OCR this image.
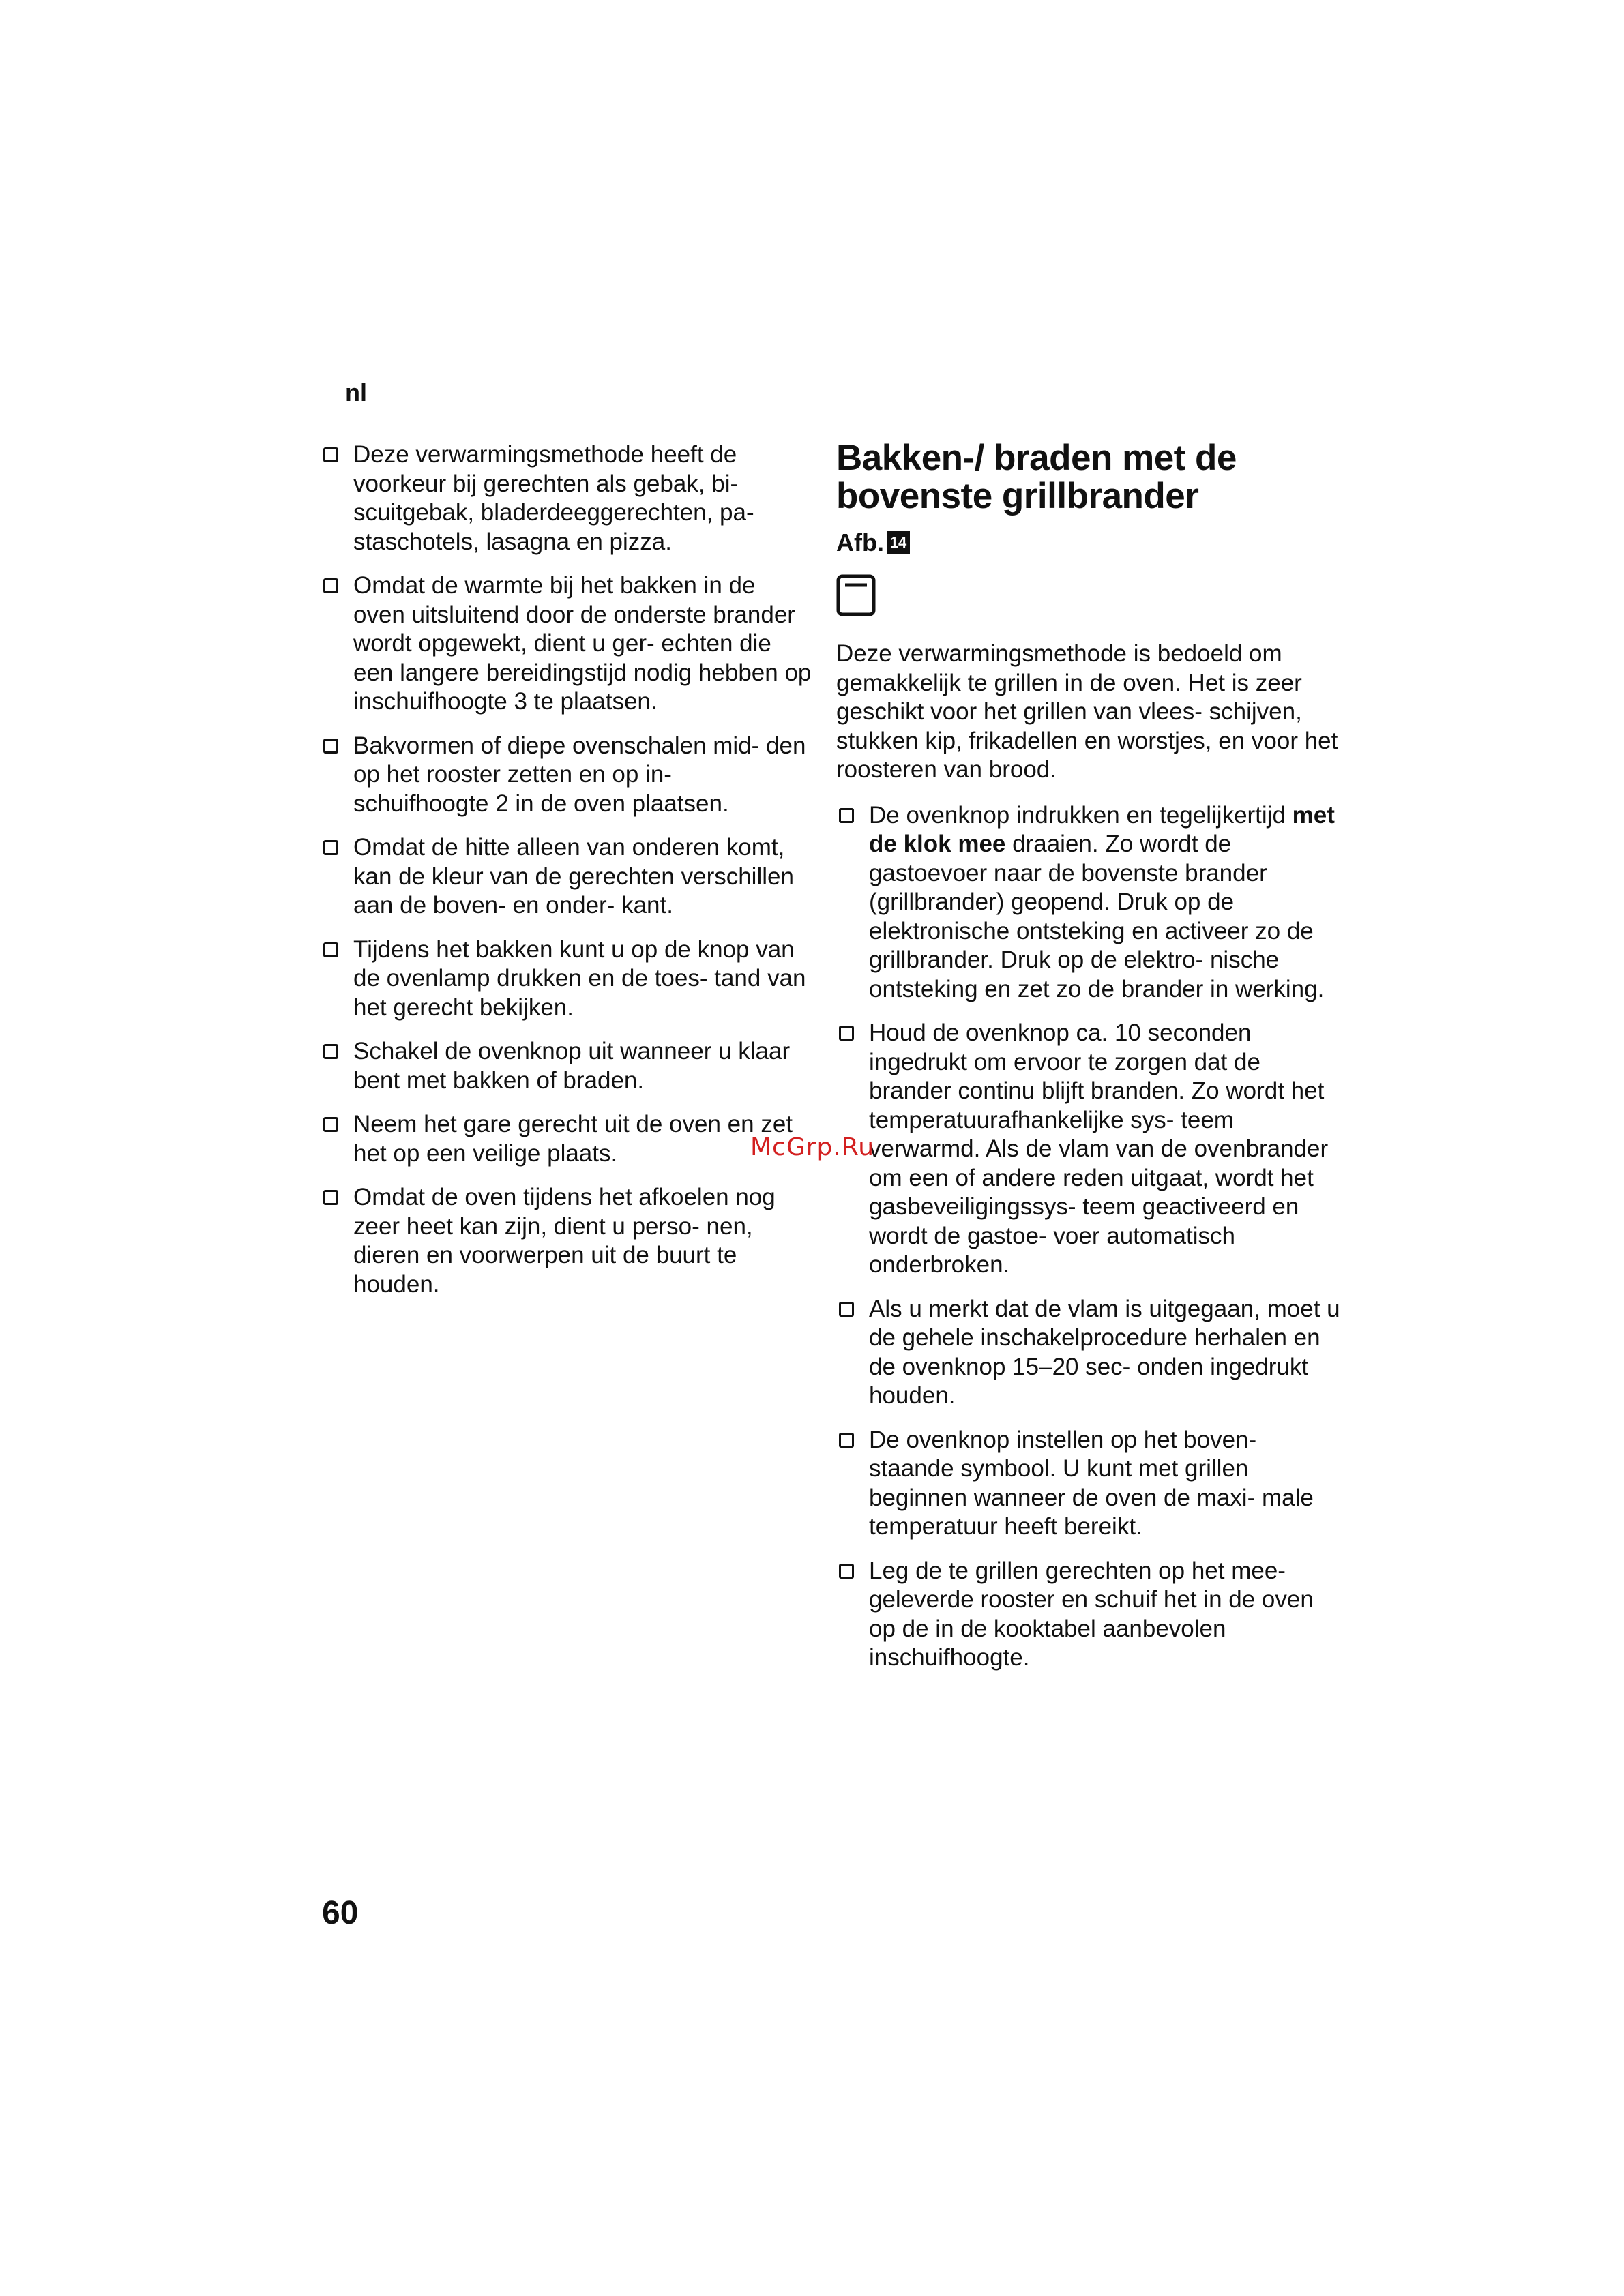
nl
Deze verwarmingsmethode heeft de voorkeur bij gerechten als gebak, bi- scuitgebak, bladerdeeggerechten, pa- staschotels, lasagna en pizza.
Omdat de warmte bij het bakken in de oven uitsluitend door de onderste brander wordt opgewekt, dient u ger- echten die een langere bereidingstijd nodig hebben op inschuifhoogte 3 te plaatsen.
Bakvormen of diepe ovenschalen mid- den op het rooster zetten en op in- schuifhoogte 2 in de oven plaatsen.
Omdat de hitte alleen van onderen komt, kan de kleur van de gerechten verschillen aan de boven- en onder- kant.
Tijdens het bakken kunt u op de knop van de ovenlamp drukken en de toes- tand van het gerecht bekijken.
Schakel de ovenknop uit wanneer u klaar bent met bakken of braden.
Neem het gare gerecht uit de oven en zet het op een veilige plaats.
Omdat de oven tijdens het afkoelen nog zeer heet kan zijn, dient u perso- nen, dieren en voorwerpen uit de buurt te houden.
Bakken-/ braden met de bovenste grillbrander
Afb. 14

Deze verwarmingsmethode is bedoeld om gemakkelijk te grillen in de oven. Het is zeer geschikt voor het grillen van vlees- schijven, stukken kip, frikadellen en worstjes, en voor het roosteren van brood.

De ovenknop indrukken en tegelijkertijd met de klok mee draaien. Zo wordt de gastoevoer naar de bovenste brander (grillbrander) geopend. Druk op de elektronische ontsteking en activeer zo de grillbrander. Druk op de elektro- nische ontsteking en zet zo de brander in werking.
Houd de ovenknop ca. 10 seconden ingedrukt om ervoor te zorgen dat de brander continu blijft branden. Zo wordt het temperatuurafhankelijke sys- teem verwarmd. Als de vlam van de ovenbrander om een of andere reden uitgaat, wordt het gasbeveiligingssys- teem geactiveerd en wordt de gastoe- voer automatisch onderbroken.
Als u merkt dat de vlam is uitgegaan, moet u de gehele inschakelprocedure herhalen en de ovenknop 15–20 sec- onden ingedrukt houden.
De ovenknop instellen op het boven- staande symbool. U kunt met grillen beginnen wanneer de oven de maxi- male temperatuur heeft bereikt.
Leg de te grillen gerechten op het mee- geleverde rooster en schuif het in de oven op de in de kooktabel aanbevolen inschuifhoogte.
McGrp.Ru
60
